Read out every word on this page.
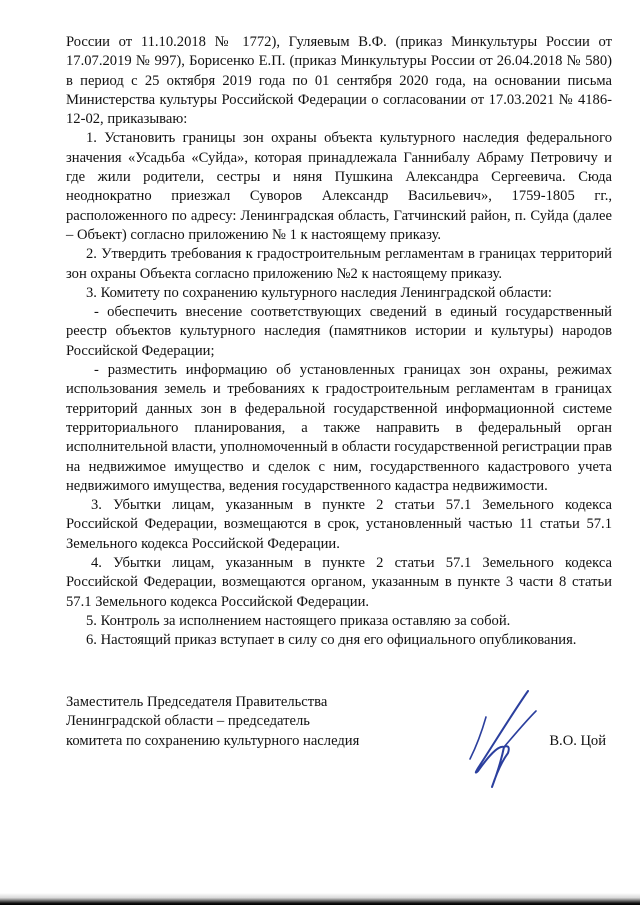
России от 11.10.2018 № 1772), Гуляевым В.Ф. (приказ Минкультуры России от 17.07.2019 № 997), Борисенко Е.П. (приказ Минкультуры России от 26.04.2018 № 580) в период с 25 октября 2019 года по 01 сентября 2020 года, на основании письма Министерства культуры Российской Федерации о согласовании от 17.03.2021 № 4186-12-02, приказываю:

1. Установить границы зон охраны объекта культурного наследия федерального значения «Усадьба «Суйда», которая принадлежала Ганнибалу Абраму Петровичу и где жили родители, сестры и няня Пушкина Александра Сергеевича. Сюда неоднократно приезжал Суворов Александр Васильевич», 1759-1805 гг., расположенного по адресу: Ленинградская область, Гатчинский район, п. Суйда (далее – Объект) согласно приложению № 1 к настоящему приказу.

2. Утвердить требования к градостроительным регламентам в границах территорий зон охраны Объекта согласно приложению №2 к настоящему приказу.

3. Комитету по сохранению культурного наследия Ленинградской области:

- обеспечить внесение соответствующих сведений в единый государственный реестр объектов культурного наследия (памятников истории и культуры) народов Российской Федерации;

- разместить информацию об установленных границах зон охраны, режимах использования земель и требованиях к градостроительным регламентам в границах территорий данных зон в федеральной государственной информационной системе территориального планирования, а также направить в федеральный орган исполнительной власти, уполномоченный в области государственной регистрации прав на недвижимое имущество и сделок с ним, государственного кадастрового учета недвижимого имущества, ведения государственного кадастра недвижимости.

3. Убытки лицам, указанным в пункте 2 статьи 57.1 Земельного кодекса Российской Федерации, возмещаются в срок, установленный частью 11 статьи 57.1 Земельного кодекса Российской Федерации.

4. Убытки лицам, указанным в пункте 2 статьи 57.1 Земельного кодекса Российской Федерации, возмещаются органом, указанным в пункте 3 части 8 статьи 57.1 Земельного кодекса Российской Федерации.

5. Контроль за исполнением настоящего приказа оставляю за собой.

6. Настоящий приказ вступает в силу со дня его официального опубликования.

Заместитель Председателя Правительства
Ленинградской области – председатель
комитета по сохранению культурного наследия	В.О. Цой
